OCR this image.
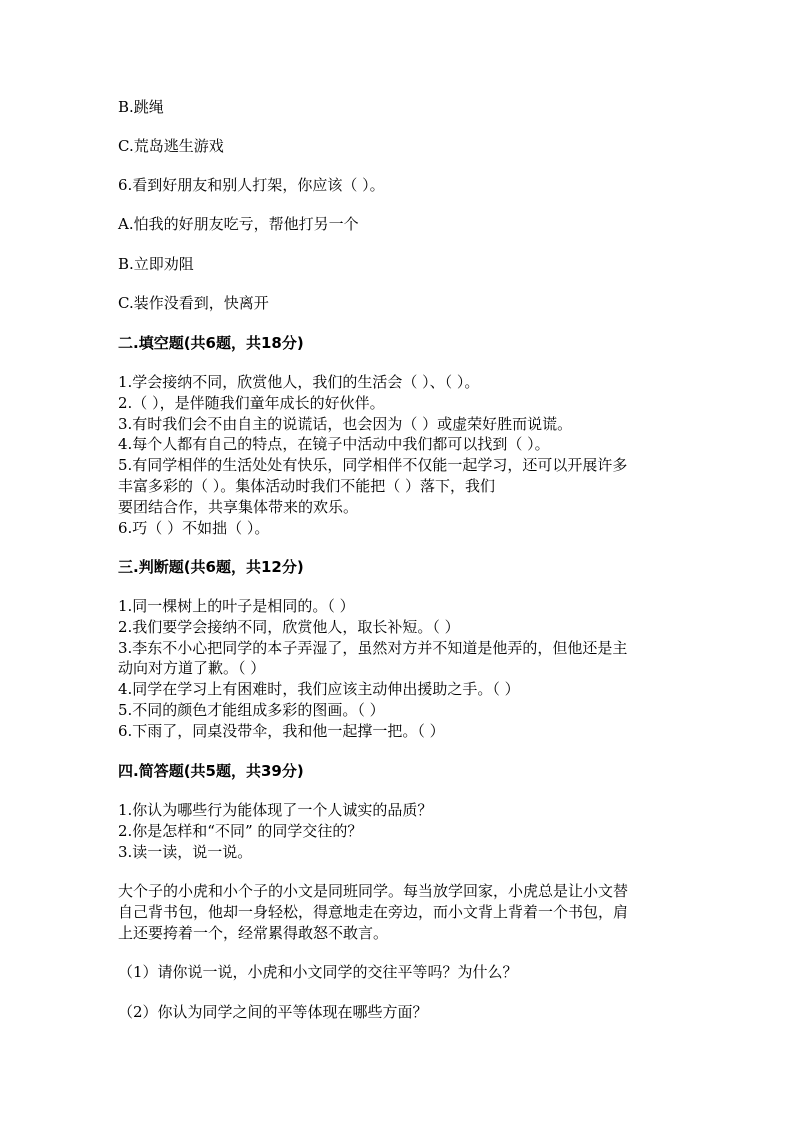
B.跳绳
C.荒岛逃生游戏
6.看到好朋友和别人打架，你应该（ ）。
A.怕我的好朋友吃亏，帮他打另一个
B.立即劝阻
C.装作没看到，快离开
二.填空题(共6题，共18分)
1.学会接纳不同，欣赏他人，我们的生活会（ ）、（ ）。
2.（ ），是伴随我们童年成长的好伙伴。
3.有时我们会不由自主的说谎话，也会因为（ ）或虚荣好胜而说谎。
4.每个人都有自己的特点，在镜子中活动中我们都可以找到（ ）。
5.有同学相伴的生活处处有快乐，同学相伴不仅能一起学习，还可以开展许多
丰富多彩的（ ）。集体活动时我们不能把（ ）落下，我们
要团结合作，共享集体带来的欢乐。
6.巧（ ）不如拙（ ）。
三.判断题(共6题，共12分)
1.同一棵树上的叶子是相同的。（ ）
2.我们要学会接纳不同，欣赏他人，取长补短。（ ）
3.李东不小心把同学的本子弄湿了，虽然对方并不知道是他弄的，但他还是主
动向对方道了歉。（ ）
4.同学在学习上有困难时，我们应该主动伸出援助之手。（ ）
5.不同的颜色才能组成多彩的图画。（ ）
6.下雨了，同桌没带伞，我和他一起撑一把。（ ）
四.简答题(共5题，共39分)
1.你认为哪些行为能体现了一个人诚实的品质？
2.你是怎样和“不同” 的同学交往的？
3.读一读，说一说。
大个子的小虎和小个子的小文是同班同学。每当放学回家，小虎总是让小文替
自己背书包，他却一身轻松，得意地走在旁边，而小文背上背着一个书包，肩
上还要挎着一个，经常累得敢怒不敢言。
（1）请你说一说，小虎和小文同学的交往平等吗？为什么？
（2）你认为同学之间的平等体现在哪些方面？
